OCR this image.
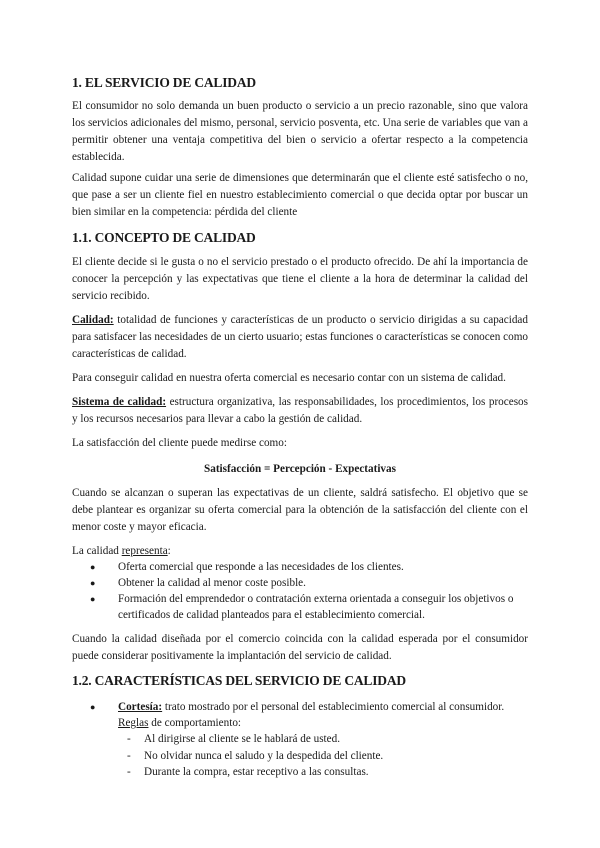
1. EL SERVICIO DE CALIDAD

El consumidor no solo demanda un buen producto o servicio a un precio razonable, sino que valora los servicios adicionales del mismo, personal, servicio posventa, etc. Una serie de variables que van a permitir obtener una ventaja competitiva del bien o servicio a ofertar respecto a la competencia establecida.

Calidad supone cuidar una serie de dimensiones que determinarán que el cliente esté satisfecho o no, que pase a ser un cliente fiel en nuestro establecimiento comercial o que decida optar por buscar un bien similar en la competencia: pérdida del cliente

1.1. CONCEPTO DE CALIDAD

El cliente decide si le gusta o no el servicio prestado o el producto ofrecido. De ahí la importancia de conocer la percepción y las expectativas que tiene el cliente a la hora de determinar la calidad del servicio recibido.

Calidad: totalidad de funciones y características de un producto o servicio dirigidas a su capacidad para satisfacer las necesidades de un cierto usuario; estas funciones o características se conocen como características de calidad.

Para conseguir calidad en nuestra oferta comercial es necesario contar con un sistema de calidad.

Sistema de calidad: estructura organizativa, las responsabilidades, los procedimientos, los procesos y los recursos necesarios para llevar a cabo la gestión de calidad.

La satisfacción del cliente puede medirse como:

Satisfacción = Percepción - Expectativas

Cuando se alcanzan o superan las expectativas de un cliente, saldrá satisfecho. El objetivo que se debe plantear es organizar su oferta comercial para la obtención de la satisfacción del cliente con el menor coste y mayor eficacia.

La calidad representa:

● Oferta comercial que responde a las necesidades de los clientes.
● Obtener la calidad al menor coste posible.
● Formación del emprendedor o contratación externa orientada a conseguir los objetivos o certificados de calidad planteados para el establecimiento comercial.

Cuando la calidad diseñada por el comercio coincida con la calidad esperada por el consumidor puede considerar positivamente la implantación del servicio de calidad.

1.2. CARACTERÍSTICAS DEL SERVICIO DE CALIDAD
● Cortesía: trato mostrado por el personal del establecimiento comercial al consumidor.
Reglas de comportamiento:
- Al dirigirse al cliente se le hablará de usted.
- No olvidar nunca el saludo y la despedida del cliente.
- Durante la compra, estar receptivo a las consultas.
